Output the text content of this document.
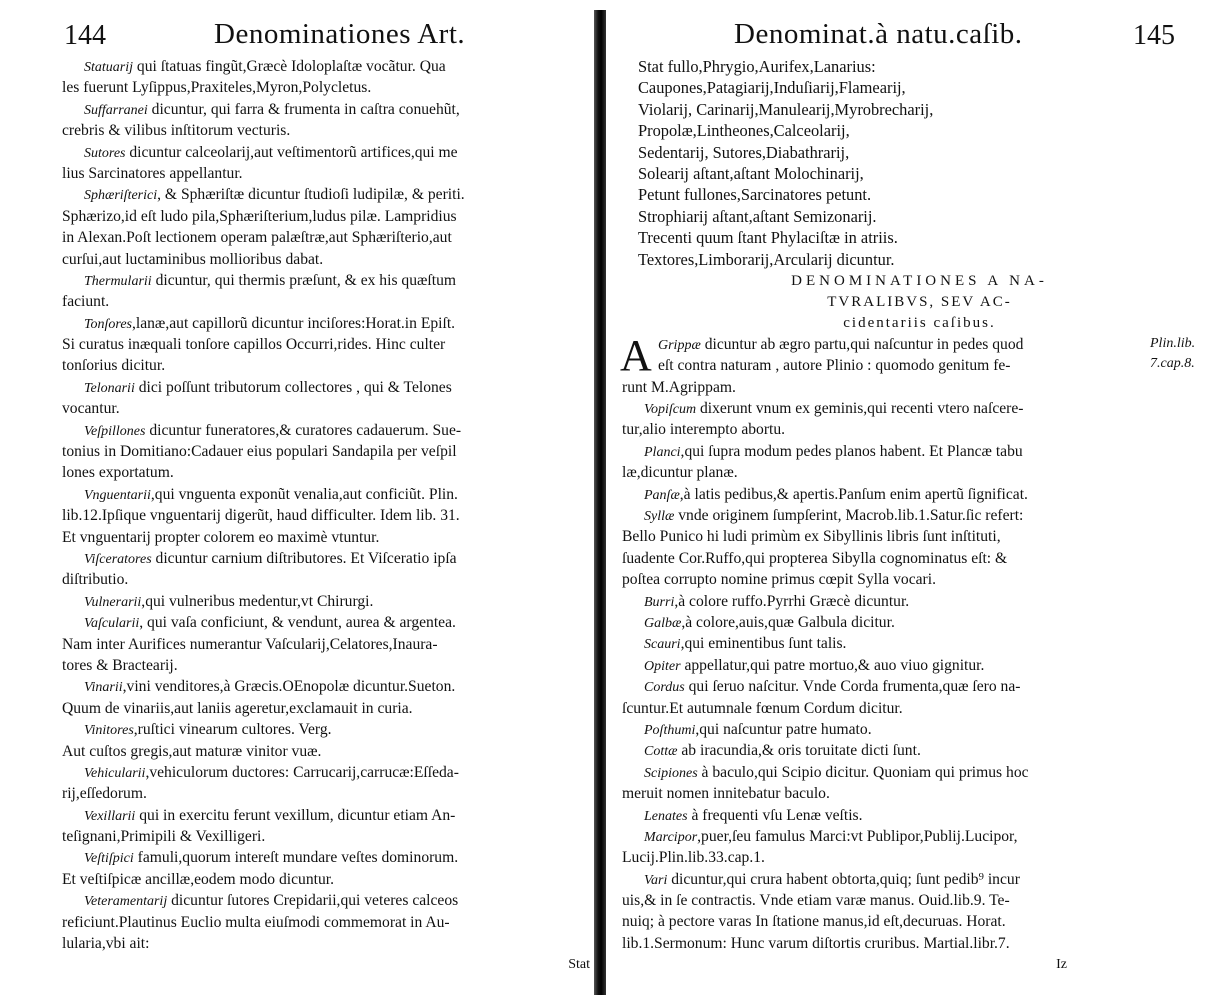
144	Denominationes Art.
Statuarij qui ſtatuas fingũt,Græcè Idoloplaſtæ vocãtur. Qua
les fuerunt Lyſippus,Praxiteles,Myron,Polycletus.
Suffarranei dicuntur, qui farra & frumenta in caſtra conuehũt,
crebris & vilibus inſtitorum vecturis.
Sutores dicuntur calceolarij,aut veſtimentorũ artifices,qui me
lius Sarcinatores appellantur.
Sphæriſterici, & Sphæriſtæ dicuntur ſtudioſi ludipilæ, & periti.
Sphærizo,id eſt ludo pila,Sphæriſterium,ludus pilæ. Lampridius
in Alexan.Poſt lectionem operam palæſtræ,aut Sphæriſterio,aut
curſui,aut luctaminibus mollioribus dabat.
Thermularii dicuntur, qui thermis præſunt, & ex his quæſtum
faciunt.
Tonſores,lanæ,aut capillorũ dicuntur inciſores:Horat.in Epiſt.
Si curatus inæquali tonſore capillos Occurri,rides. Hinc culter
tonſorius dicitur.
Telonarii dici poſſunt tributorum collectores , qui & Telones
vocantur.
Veſpillones dicuntur funeratores,& curatores cadauerum. Sue-
tonius in Domitiano:Cadauer eius populari Sandapila per veſpil
lones exportatum.
Vnguentarii,qui vnguenta exponũt venalia,aut conficiũt. Plin.
lib.12.Ipſique vnguentarij digerũt, haud difficulter. Idem lib. 31.
Et vnguentarij propter colorem eo maximè vtuntur.
Viſceratores dicuntur carnium diſtributores. Et Viſceratio ipſa
diſtributio.
Vulnerarii,qui vulneribus medentur,vt Chirurgi.
Vaſcularii, qui vaſa conficiunt, & vendunt, aurea & argentea.
Nam inter Aurifices numerantur Vaſcularij,Celatores,Inaura-
tores & Bractearij.
Vinarii,vini venditores,à Græcis.OEnopolæ dicuntur.Sueton.
Quum de vinariis,aut laniis ageretur,exclamauit in curia.
Vinitores,ruſtici vinearum cultores. Verg.
Aut cuſtos gregis,aut maturæ vinitor vuæ.
Vehicularii,vehiculorum ductores: Carrucarij,carrucæ:Eſſeda-
rij,eſſedorum.
Vexillarii qui in exercitu ferunt vexillum, dicuntur etiam An-
teſignani,Primipili & Vexilligeri.
Veſtiſpici famuli,quorum intereſt mundare veſtes dominorum.
Et veſtiſpicæ ancillæ,eodem modo dicuntur.
Veteramentarij dicuntur ſutores Crepidarii,qui veteres calceos
reficiunt.Plautinus Euclio multa eiuſmodi commemorat in Au-
lularia,vbi ait:
Stat
Denominat.à natu.caſib.	145
Stat fullo,Phrygio,Aurifex,Lanarius:
Caupones,Patagiarij,Induſiarij,Flamearij,
Violarij, Carinarij,Manulearij,Myrobrecharij,
Propolæ,Lintheones,Calceolarij,
Sedentarij, Sutores,Diabathrarij,
Solearij aſtant,aſtant Molochinarij,
Petunt fullones,Sarcinatores petunt.
Strophiarij aſtant,aſtant Semizonarij.
Trecenti quum ſtant Phylaciſtæ in atriis.
Textores,Limborarij,Arcularij dicuntur.
DENOMINATIONES A NA-
TVRALIBVS, SEV AC-
cidentariis caſibus.
A Grippæ dicuntur ab ægro partu,qui naſcuntur in pedes quod
eſt contra naturam , autore Plinio : quomodo genitum fe-
Plin.lib.
7.cap.8.
runt M.Agrippam.
Vopiſcum dixerunt vnum ex geminis,qui recenti vtero naſcere-
tur,alio interempto abortu.
Planci,qui ſupra modum pedes planos habent. Et Plancæ tabu
læ,dicuntur planæ.
Panſæ,à latis pedibus,& apertis.Panſum enim apertũ ſignificat.
Syllæ vnde originem ſumpſerint, Macrob.lib.1.Satur.ſic refert:
Bello Punico hi ludi primùm ex Sibyllinis libris ſunt inſtituti,
ſuadente Cor.Ruffo,qui propterea Sibylla cognominatus eſt: &
poſtea corrupto nomine primus cœpit Sylla vocari.
Burri,à colore ruffo.Pyrrhi Græcè dicuntur.
Galbæ,à colore,auis,quæ Galbula dicitur.
Scauri,qui eminentibus ſunt talis.
Opiter appellatur,qui patre mortuo,& auo viuo gignitur.
Cordus qui ſeruo naſcitur. Vnde Corda frumenta,quæ ſero na-
ſcuntur.Et autumnale fœnum Cordum dicitur.
Poſthumi,qui naſcuntur patre humato.
Cottæ ab iracundia,& oris toruitate dicti ſunt.
Scipiones à baculo,qui Scipio dicitur. Quoniam qui primus hoc
meruit nomen innitebatur baculo.
Lenates à frequenti vſu Lenæ veſtis.
Marcipor,puer,ſeu famulus Marci:vt Publipor,Publij.Lucipor,
Lucij.Plin.lib.33.cap.1.
Vari dicuntur,qui crura habent obtorta,quiq; ſunt pedib⁹ incur
uis,& in ſe contractis. Vnde etiam varæ manus. Ouid.lib.9. Te-
nuiq; à pectore varas In ſtatione manus,id eſt,decuruas. Horat.
lib.1.Sermonum: Hunc varum diſtortis cruribus. Martial.libr.7.
Iz
